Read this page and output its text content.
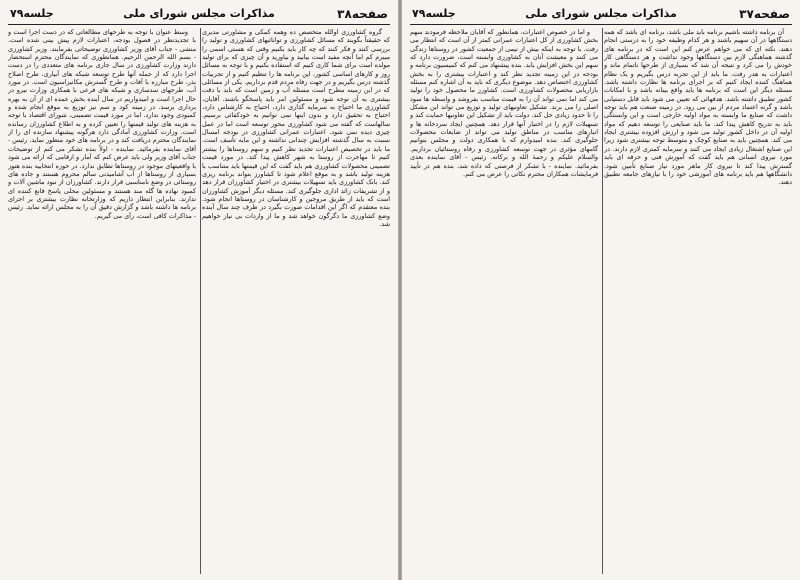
صفحه۳۸
مذاکرات مجلس شورای ملی
جلسه۷۹

گروه کشاورزی اوالله متخصص ده وهمه کمکی و مشاورتی مدیری که حقیقتاً بگویند که مسائل کشاورزی و توانائیهای کشاورزی و تولید را بررسی کنند و فکر کنند که چه کار باید بکنیم وقتی که هستی اسمی را میبرم کم اما آنچه مفید است بیابید و بیاورید و آن چیزی که برای تولید مولده است برای شما کاری کنیم که استفاده بکنیم و با توجه به مسائل روز و کارهای اساسی کشور، این برنامه ها را تنظیم کنیم و از تجربیات گذشته درس بگیریم و در جهت رفاه مردم قدم برداریم. یکی از مسائلی که در این زمینه مطرح است مسئله آب و زمین است که باید با دقت بیشتری به آن توجه شود و مسئولین امر باید پاسخگو باشند. آقایان، کشاورزی ما احتیاج به سرمایه گذاری دارد، احتیاج به کارشناس دارد، احتیاج به تحقیق دارد و بدون اینها نمی توانیم به خودکفائی برسیم. سالهاست که گفته می شود کشاورزی محور توسعه است اما در عمل چیزی دیده نمی شود. اعتبارات عمرانی کشاورزی در بودجه امسال نسبت به سال گذشته افزایش چندانی نداشته و این مایه تأسف است. ما باید در تخصیص اعتبارات تجدید نظر کنیم و سهم روستاها را بیشتر کنیم تا مهاجرت از روستا به شهر کاهش پیدا کند. در مورد قیمت تضمینی محصولات کشاورزی هم باید گفت که این قیمتها باید متناسب با هزینه تولید باشد و به موقع اعلام شود تا کشاورز بتواند برنامه ریزی کند. بانک کشاورزی باید تسهیلات بیشتری در اختیار کشاورزان قرار دهد و از تشریفات زائد اداری جلوگیری کند. مسئله دیگر آموزش کشاورزان است که باید از طریق مروجین و کارشناسان در روستاها انجام شود. بنده معتقدم که اگر این اقدامات صورت بگیرد در ظرف چند سال آینده وضع کشاورزی ما دگرگون خواهد شد و ما از واردات بی نیاز خواهیم شد.

وسط عنوان با توجه به طرحهای مطالعاتی که در دست اجرا است و با تجدیدنظر در فصول بودجه، اعتبارات لازم پیش بینی شده است. منشی - جناب آقای وزیر کشاورزی توضیحاتی بفرمایند. وزیر کشاورزی - بسم الله الرحمن الرحیم. همانطوری که نمایندگان محترم استحضار دارند وزارت کشاورزی در سال جاری برنامه های متعددی را در دست اجرا دارد که از جمله آنها طرح توسعه شبکه های آبیاری، طرح اصلاح بذر، طرح مبارزه با آفات و طرح گسترش مکانیزاسیون است. در مورد آب، طرحهای سدسازی و شبکه های فرعی با همکاری وزارت نیرو در حال اجرا است و امیدواریم در سال آینده بخش عمده ای از آن به بهره برداری برسد. در زمینه کود و سم نیز توزیع به موقع انجام شده و کمبودی وجود ندارد. اما در مورد قیمت تضمینی، شورای اقتصاد با توجه به هزینه های تولید قیمتها را تعیین کرده و به اطلاع کشاورزان رسانده است. وزارت کشاورزی آمادگی دارد هرگونه پیشنهاد سازنده ای را از نمایندگان محترم دریافت کند و در برنامه های خود منظور نماید. رئیس - آقای نماینده بفرمائید. نماینده - اولاً بنده تشکر می کنم از توضیحات جناب آقای وزیر ولی باید عرض کنم که آمار و ارقامی که ارائه می شود با واقعیتهای موجود در روستاها تطابق ندارد. در حوزه انتخابیه بنده هنوز بسیاری از روستاها از آب آشامیدنی سالم محروم هستند و جاده های روستائی در وضع نامناسبی قرار دارند. کشاورزان از نبود ماشین آلات و کمبود نهاده ها گله مند هستند و مسئولین محلی پاسخ قانع کننده ای ندارند. بنابراین انتظار داریم که وزارتخانه نظارت بیشتری بر اجرای برنامه ها داشته باشد و گزارش دقیق آن را به مجلس ارائه نماید. رئیس - مذاکرات کافی است، رأی می گیریم.

صفحه۳۷
مذاکرات مجلس شورای ملی
جلسه۷۹

آن برنامه داشته باشیم برنامه باید ملی باشد، برنامه ای باشد که همه دستگاهها در آن سهیم باشند و هر کدام وظیفه خود را به درستی انجام دهند. نکته ای که می خواهم عرض کنم این است که در برنامه های گذشته هماهنگی لازم بین دستگاهها وجود نداشت و هر دستگاهی کار خودش را می کرد و نتیجه آن شد که بسیاری از طرحها ناتمام ماند و اعتبارات به هدر رفت. ما باید از این تجربه درس بگیریم و یک نظام هماهنگ کننده ایجاد کنیم که بر اجرای برنامه ها نظارت داشته باشد. مسئله دیگر این است که برنامه ها باید واقع بینانه باشد و با امکانات کشور تطبیق داشته باشد. هدفهائی که تعیین می شود باید قابل دستیابی باشد و گرنه اعتماد مردم از بین می رود. در زمینه صنعت هم باید توجه داشت که صنایع ما وابسته به مواد اولیه خارجی است و این وابستگی باید به تدریج کاهش پیدا کند. ما باید صنایعی را توسعه دهیم که مواد اولیه آن در داخل کشور تولید می شود و ارزش افزوده بیشتری ایجاد می کند. همچنین باید به صنایع کوچک و متوسط توجه بیشتری شود زیرا این صنایع اشتغال زیادی ایجاد می کنند و سرمایه کمتری لازم دارند. در مورد نیروی انسانی هم باید گفت که آموزش فنی و حرفه ای باید گسترش پیدا کند تا نیروی کار ماهر مورد نیاز صنایع تأمین شود. دانشگاهها هم باید برنامه های آموزشی خود را با نیازهای جامعه تطبیق دهند.

و اما در خصوص اعتبارات، همانطور که آقایان ملاحظه فرمودند سهم بخش کشاورزی از کل اعتبارات عمرانی کمتر از آن است که انتظار می رفت. با توجه به اینکه بیش از نیمی از جمعیت کشور در روستاها زندگی می کنند و معیشت آنان به کشاورزی وابسته است، ضرورت دارد که سهم این بخش افزایش یابد. بنده پیشنهاد می کنم که کمیسیون برنامه و بودجه در این زمینه تجدید نظر کند و اعتبارات بیشتری را به بخش کشاورزی اختصاص دهد. موضوع دیگری که باید به آن اشاره کنم مسئله بازاریابی محصولات کشاورزی است. کشاورز ما محصول خود را تولید می کند اما نمی تواند آن را به قیمت مناسب بفروشد و واسطه ها سود اصلی را می برند. تشکیل تعاونیهای تولید و توزیع می تواند این مشکل را تا حدود زیادی حل کند. دولت باید از تشکیل این تعاونیها حمایت کند و تسهیلات لازم را در اختیار آنها قرار دهد. همچنین ایجاد سردخانه ها و انبارهای مناسب در مناطق تولید می تواند از ضایعات محصولات جلوگیری کند. بنده امیدوارم که با همکاری دولت و مجلس بتوانیم گامهای مؤثری در جهت توسعه کشاورزی و رفاه روستائیان برداریم. والسلام علیکم و رحمة الله و برکاته. رئیس - آقای نماینده بعدی بفرمائید. نماینده - با تشکر از فرصتی که داده شد، بنده هم در تأیید فرمایشات همکاران محترم نکاتی را عرض می کنم.
